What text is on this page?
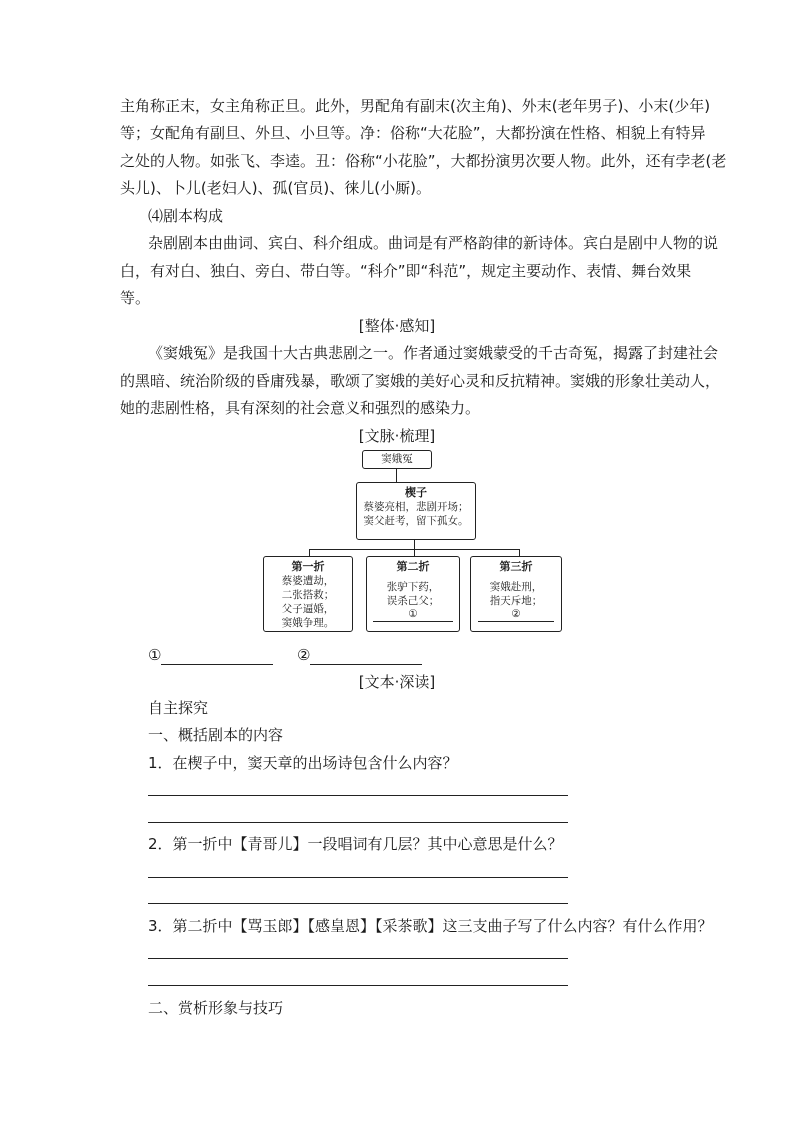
主角称正末，女主角称正旦。此外，男配角有副末(次主角)、外末(老年男子)、小末(少年)
等；女配角有副旦、外旦、小旦等。净：俗称“大花脸”，大都扮演在性格、相貌上有特异
之处的人物。如张飞、李逵。丑：俗称“小花脸”，大都扮演男次要人物。此外，还有孛老(老
头儿)、卜儿(老妇人)、孤(官员)、徕儿(小厮)。
⑷剧本构成
杂剧剧本由曲词、宾白、科介组成。曲词是有严格韵律的新诗体。宾白是剧中人物的说
白，有对白、独白、旁白、带白等。“科介”即“科范”，规定主要动作、表情、舞台效果
等。
[整体·感知]
《窦娥冤》是我国十大古典悲剧之一。作者通过窦娥蒙受的千古奇冤，揭露了封建社会
的黑暗、统治阶级的昏庸残暴，歌颂了窦娥的美好心灵和反抗精神。窦娥的形象壮美动人，
她的悲剧性格，具有深刻的社会意义和强烈的感染力。
[文脉·梳理]
窦娥冤
楔子
蔡婆亮相，悲剧开场；
窦父赶考，留下孤女。
第一折
蔡婆遭劫，
二张搭救；
父子逼婚，
窦娥争理。
第二折
张驴下药，
误杀己父；
①
第三折
窦娥赴刑，
指天斥地；
②
①	②
[文本·深读]
自主探究
一、概括剧本的内容
1．在楔子中，窦天章的出场诗包含什么内容？
2．第一折中【青哥儿】一段唱词有几层？其中心意思是什么？
3．第二折中【骂玉郎】【感皇恩】【采茶歌】这三支曲子写了什么内容？有什么作用？
二、赏析形象与技巧
